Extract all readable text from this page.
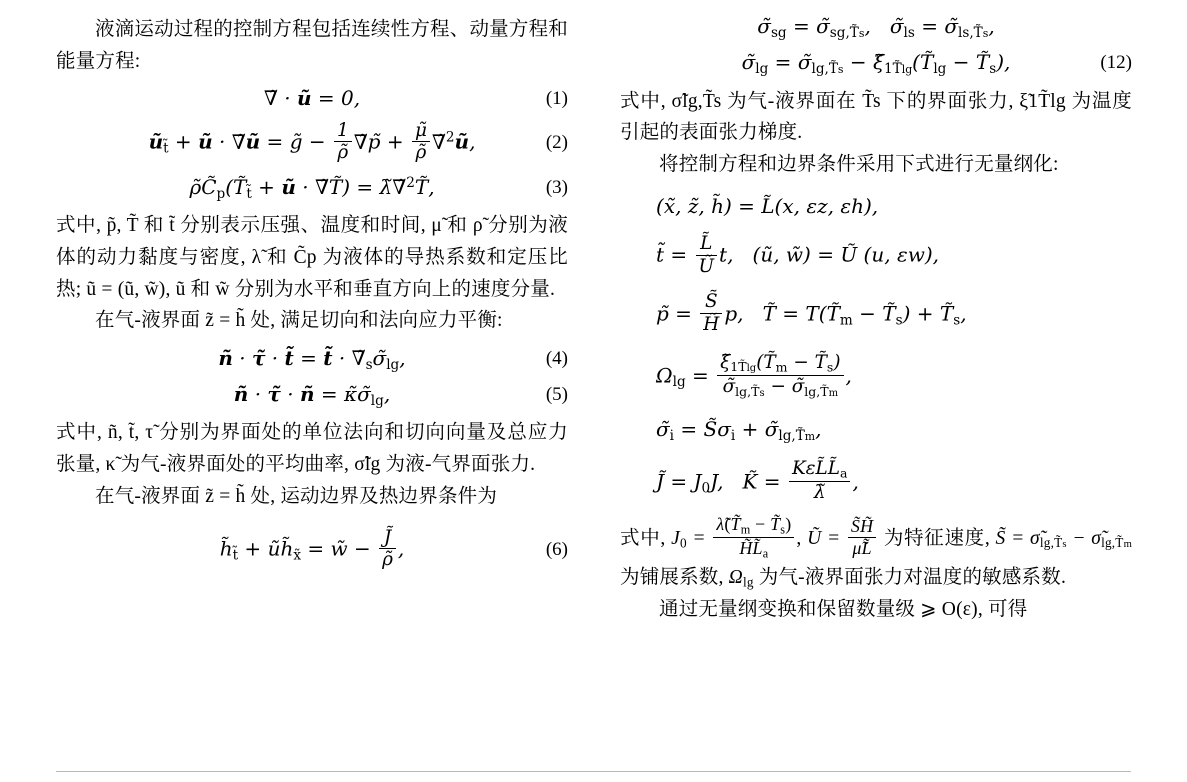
液滴运动过程的控制方程包括连续性方程、动量方程和能量方程:

∇̃ · ũ = 0,	(1)
$ũ_{t̃}$ + ũ · ∇̃ũ = g̃ − $\frac{1}{\rhõ}$ ∇̃p̃ + $\frac{\mũ}{\rhõ}$ ∇̃$^2$ũ,	(2)
$\rhõC̃_p(T̃_{t̃}$ + ũ · ∇̃T̃) = λ̃∇̃$^2$T̃,	(3)

式中, p̃, T̃ 和 t̃ 分别表示压强、温度和时间, μ̃ 和 ρ̃ 分别为液体的动力黏度与密度, λ̃ 和 C̃p 为液体的导热系数和定压比热; ũ = (ũ, w̃), ũ 和 w̃ 分别为水平和垂直方向上的速度分量.

在气-液界面 z̃ = h̃ 处, 满足切向和法向应力平衡:

ñ · τ̃ · t̃ = t̃ · $\nablã_s\sigmã_{lg}$,	(4)
ñ · τ̃ · ñ = $\kappã\sigmã_{lg}$,	(5)

式中, ñ, t̃, τ̃ 分别为界面处的单位法向和切向向量及总应力张量, κ̃ 为气-液界面处的平均曲率, σ̃lg 为液-气界面张力.

在气-液界面 z̃ = h̃ 处, 运动边界及热边界条件为

$h̃_{t̃}$ + $ũh̃_{x̃}$ = w̃ − $\frac{J̃}{\rhõ}$ ,	(6)
$\sigmã_{sg}$ = $\sigmã_{sg,T̃s}$,   $\sigmã_{ls}$ = $\sigmã_{ls,T̃s}$,
$\sigmã_{lg}$ = $\sigmã_{lg,T̃s}$ − $\xĩ_{1T̃lg}(T̃_{lg}$ − $T̃_s$),	(12)

式中, σ̃lg,T̃s 为气-液界面在 T̃s 下的界面张力, ξ̃1T̃lg 为温度引起的表面张力梯度.

将控制方程和边界条件采用下式进行无量纲化:

(x̃, z̃, h̃) = L̃(x, εz, εh),
t̃ = $\frac{L̃}{Ũ} t$,   (ũ, w̃) = Ũ (u, εw),
p̃ = $\frac{S̃}{H̃} p$,   T̃ = $T(T̃_m$ − $T̃_s$) + $T̃_s$,
$\Omega_{lg} = \frac{\xĩ_{1T̃lg}(T̃_m - T̃_s)}{\sigmã_{lg,T̃s} - \sigmã_{lg,T̃m}}$ ,
$\sigmã_i$ = $S̃\sigma_i$ + $\sigmã_{lg,T̃m}$,
J̃ = $J_0J$,   K̃ = $\frac{K\varepsilon L̃L̃_a}{\lambdã}$ ,

式中, $J_0 = \frac{\lambdã(T̃_m - T̃_s)}{H̃L̃_a}$ , Ũ = $\frac{S̃H̃}{\mũL̃}$ 为特征速度, S̃ = $\sigmã_{lg,T̃s}$ − $\sigmã_{lg,T̃m}$ 为铺展系数, $\Omega_{lg}$ 为气-液界面张力对温度的敏感系数.

通过无量纲变换和保留数量级 ⩾ O(ε), 可得
